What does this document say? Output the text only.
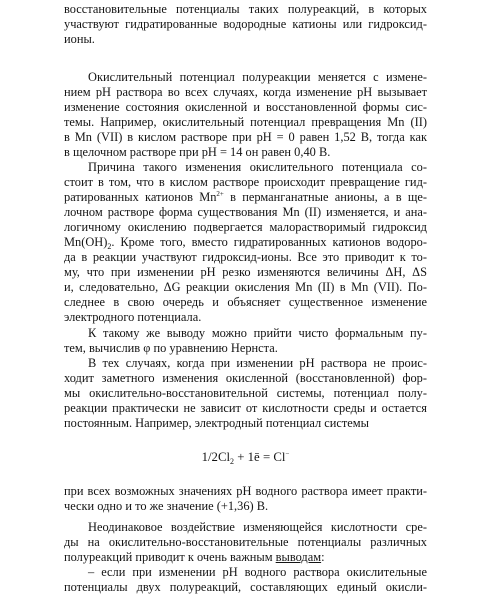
восстановительные потенциалы таких полуреакций, в которых
участвуют гидратированные водородные катионы или гидроксид-
ионы.
Окислительный потенциал полуреакции меняется с измене-
нием pH раствора во всех случаях, когда изменение pH вызывает
изменение состояния окисленной и восстановленной формы сис-
темы. Например, окислительный потенциал превращения Mn (II)
в Mn (VII) в кислом растворе при pH = 0 равен 1,52 В, тогда как
в щелочном растворе при pH = 14 он равен 0,40 В.
Причина такого изменения окислительного потенциала со-
стоит в том, что в кислом растворе происходит превращение гид-
ратированных катионов $Mn^{2+}$ в перманганатные анионы, а в ще-
лочном растворе форма существования Mn (II) изменяется, и ана-
логичному окислению подвергается малорастворимый гидроксид
$Mn(OH)_2$. Кроме того, вместо гидратированных катионов водоро-
да в реакции участвуют гидроксид-ионы. Все это приводит к то-
му, что при изменении pH резко изменяются величины ΔH, ΔS
и, следовательно, ΔG реакции окисления Mn (II) в Mn (VII). По-
следнее в свою очередь и объясняет существенное изменение
электродного потенциала.
К такому же выводу можно прийти чисто формальным пу-
тем, вычислив φ по уравнению Нернста.
В тех случаях, когда при изменении pH раствора не проис-
ходит заметного изменения окисленной (восстановленной) фор-
мы окислительно-восстановительной системы, потенциал полу-
реакции практически не зависит от кислотности среды и остается
постоянным. Например, электродный потенциал системы
$1/2Cl_2$ + 1ē = Cl−
при всех возможных значениях pH водного раствора имеет практи-
чески одно и то же значение (+1,36) В.
Неодинаковое воздействие изменяющейся кислотности сре-
ды на окислительно-восстановительные потенциалы различных
полуреакций приводит к очень важным выводам:
– если при изменении pH водного раствора окислительные
потенциалы двух полуреакций, составляющих единый окисли-
